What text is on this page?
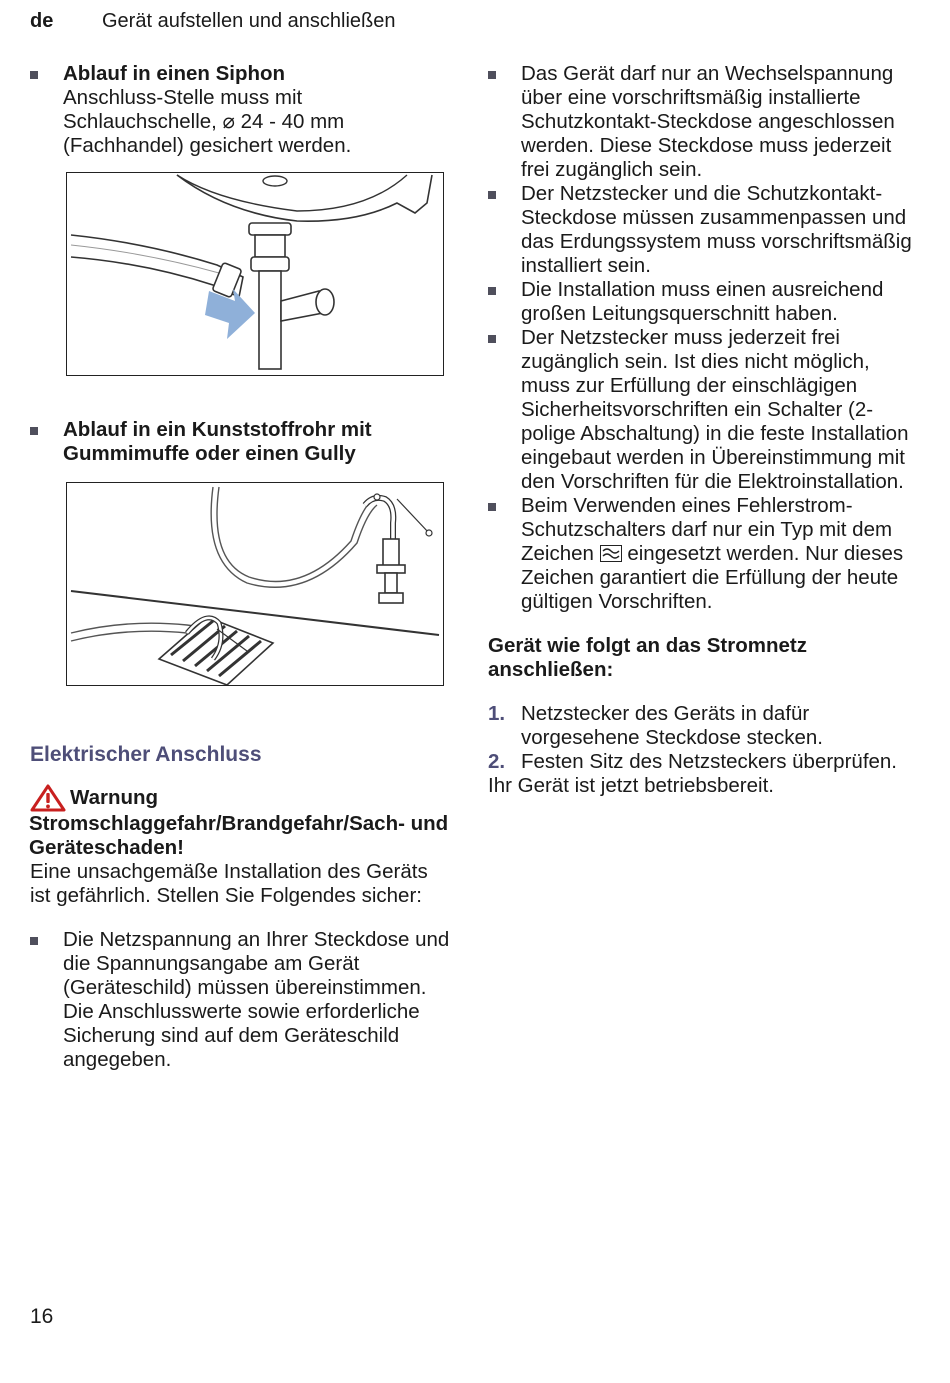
de Gerät aufstellen und anschließen
Ablauf in einen Siphon
Anschluss-Stelle muss mit Schlauchschelle, ⌀ 24 - 40 mm (Fachhandel) gesichert werden.
Ablauf in ein Kunststoffrohr mit Gummimuffe oder einen Gully
Elektrischer Anschluss
Warnung
Stromschlaggefahr/Brandgefahr/Sach- und Geräteschaden!
Eine unsachgemäße Installation des Geräts ist gefährlich. Stellen Sie Folgendes sicher:
Die Netzspannung an Ihrer Steckdose und die Spannungsangabe am Gerät (Geräteschild) müssen übereinstimmen. Die Anschlusswerte sowie erforderliche Sicherung sind auf dem Geräteschild angegeben.
Das Gerät darf nur an Wechselspannung über eine vorschriftsmäßig installierte Schutzkontakt-Steckdose angeschlossen werden. Diese Steckdose muss jederzeit frei zugänglich sein.
Der Netzstecker und die Schutzkontakt-Steckdose müssen zusammenpassen und das Erdungssystem muss vorschriftsmäßig installiert sein.
Die Installation muss einen ausreichend großen Leitungsquerschnitt haben.
Der Netzstecker muss jederzeit frei zugänglich sein. Ist dies nicht möglich, muss zur Erfüllung der einschlägigen Sicherheitsvorschriften ein Schalter (2-polige Abschaltung) in die feste Installation eingebaut werden in Übereinstimmung mit den Vorschriften für die Elektroinstallation.
Beim Verwenden eines Fehlerstrom-Schutzschalters darf nur ein Typ mit dem Zeichen eingesetzt werden. Nur dieses Zeichen garantiert die Erfüllung der heute gültigen Vorschriften.
Gerät wie folgt an das Stromnetz anschließen:
1. Netzstecker des Geräts in dafür vorgesehene Steckdose stecken.
2. Festen Sitz des Netzsteckers überprüfen.
Ihr Gerät ist jetzt betriebsbereit.
16
